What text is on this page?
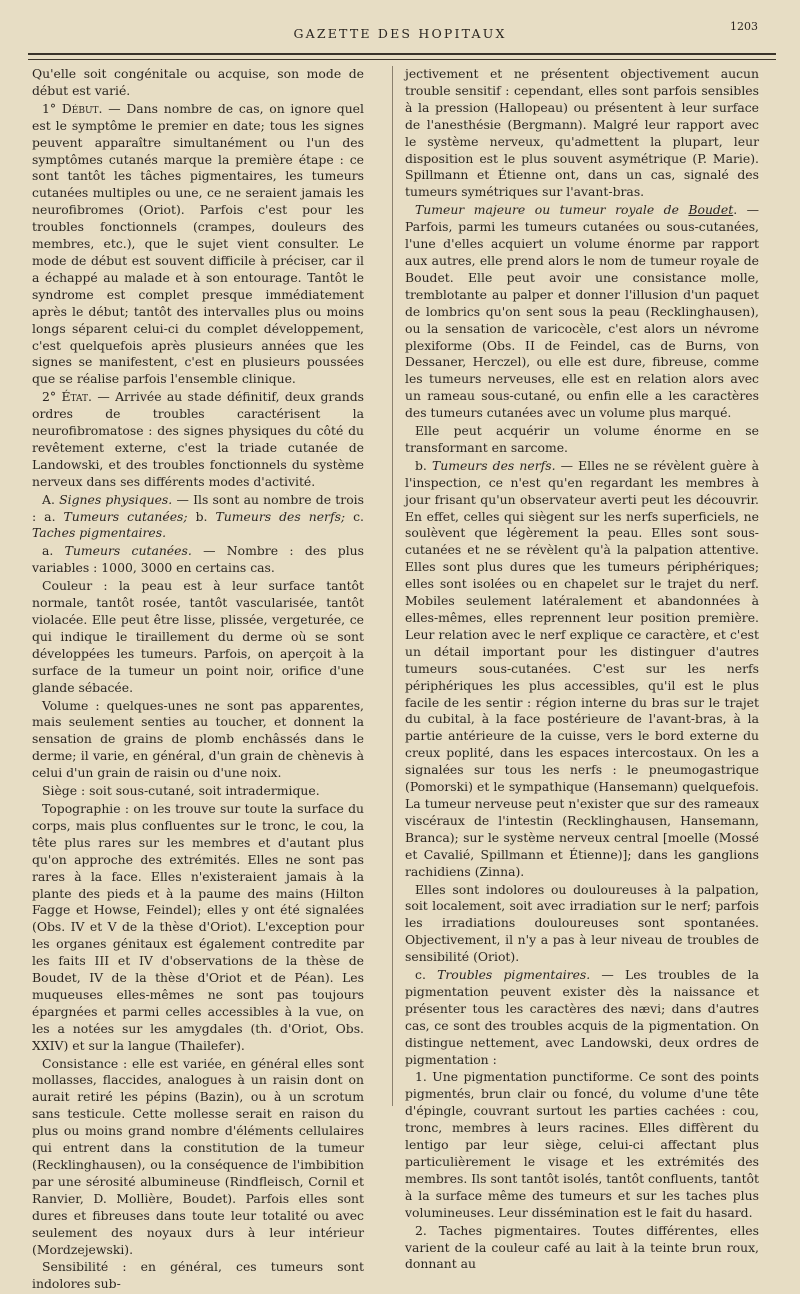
GAZETTE DES HOPITAUX	1203

Qu'elle soit congénitale ou acquise, son mode de début est varié.

1° Début. — Dans nombre de cas, on ignore quel est le symptôme le premier en date; tous les signes peuvent apparaître simultanément ou l'un des symptômes cutanés marque la première étape : ce sont tantôt les tâches pigmentaires, les tumeurs cutanées multiples ou une, ce ne seraient jamais les neurofibromes (Oriot). Parfois c'est pour les troubles fonctionnels (crampes, douleurs des membres, etc.), que le sujet vient consulter. Le mode de début est souvent difficile à préciser, car il a échappé au malade et à son entourage. Tantôt le syndrome est complet presque immédiatement après le début; tantôt des intervalles plus ou moins longs séparent celui-ci du complet développement, c'est quelquefois après plusieurs années que les signes se manifestent, c'est en plusieurs poussées que se réalise parfois l'ensemble clinique.

2° État. — Arrivée au stade définitif, deux grands ordres de troubles caractérisent la neurofibromatose : des signes physiques du côté du revêtement externe, c'est la triade cutanée de Landowski, et des troubles fonctionnels du système nerveux dans ses différents modes d'activité.

A. Signes physiques. — Ils sont au nombre de trois : a. Tumeurs cutanées; b. Tumeurs des nerfs; c. Taches pigmentaires.

a. Tumeurs cutanées. — Nombre : des plus variables : 1000, 3000 en certains cas.

Couleur : la peau est à leur surface tantôt normale, tantôt rosée, tantôt vascularisée, tantôt violacée. Elle peut être lisse, plissée, vergeturée, ce qui indique le tiraillement du derme où se sont développées les tumeurs. Parfois, on aperçoit à la surface de la tumeur un point noir, orifice d'une glande sébacée.

Volume : quelques-unes ne sont pas apparentes, mais seulement senties au toucher, et donnent la sensation de grains de plomb enchâssés dans le derme; il varie, en général, d'un grain de chènevis à celui d'un grain de raisin ou d'une noix.

Siège : soit sous-cutané, soit intradermique.

Topographie : on les trouve sur toute la surface du corps, mais plus confluentes sur le tronc, le cou, la tête plus rares sur les membres et d'autant plus qu'on approche des extrémités. Elles ne sont pas rares à la face. Elles n'existeraient jamais à la plante des pieds et à la paume des mains (Hilton Fagge et Howse, Feindel); elles y ont été signalées (Obs. IV et V de la thèse d'Oriot). L'exception pour les organes génitaux est également contredite par les faits III et IV d'observations de la thèse de Boudet, IV de la thèse d'Oriot et de Péan). Les muqueuses elles-mêmes ne sont pas toujours épargnées et parmi celles accessibles à la vue, on les a notées sur les amygdales (th. d'Oriot, Obs. XXIV) et sur la langue (Thailefer).

Consistance : elle est variée, en général elles sont mollasses, flaccides, analogues à un raisin dont on aurait retiré les pépins (Bazin), ou à un scrotum sans testicule. Cette mollesse serait en raison du plus ou moins grand nombre d'éléments cellulaires qui entrent dans la constitution de la tumeur (Recklinghausen), ou la conséquence de l'imbibition par une sérosité albumineuse (Rindfleisch, Cornil et Ranvier, D. Mollière, Boudet). Parfois elles sont dures et fibreuses dans toute leur totalité ou avec seulement des noyaux durs à leur intérieur (Mordzejewski).

Sensibilité : en général, ces tumeurs sont indolores sub-

jectivement et ne présentent objectivement aucun trouble sensitif : cependant, elles sont parfois sensibles à la pression (Hallopeau) ou présentent à leur surface de l'anesthésie (Bergmann). Malgré leur rapport avec le système nerveux, qu'admettent la plupart, leur disposition est le plus souvent asymétrique (P. Marie). Spillmann et Étienne ont, dans un cas, signalé des tumeurs symétriques sur l'avant-bras.

Tumeur majeure ou tumeur royale de Boudet. — Parfois, parmi les tumeurs cutanées ou sous-cutanées, l'une d'elles acquiert un volume énorme par rapport aux autres, elle prend alors le nom de tumeur royale de Boudet. Elle peut avoir une consistance molle, tremblotante au palper et donner l'illusion d'un paquet de lombrics qu'on sent sous la peau (Recklinghausen), ou la sensation de varicocèle, c'est alors un névrome plexiforme (Obs. II de Feindel, cas de Burns, von Dessaner, Herczel), ou elle est dure, fibreuse, comme les tumeurs nerveuses, elle est en relation alors avec un rameau sous-cutané, ou enfin elle a les caractères des tumeurs cutanées avec un volume plus marqué.

Elle peut acquérir un volume énorme en se transformant en sarcome.

b. Tumeurs des nerfs. — Elles ne se révèlent guère à l'inspection, ce n'est qu'en regardant les membres à jour frisant qu'un observateur averti peut les découvrir. En effet, celles qui siègent sur les nerfs superficiels, ne soulèvent que légèrement la peau. Elles sont sous-cutanées et ne se révèlent qu'à la palpation attentive. Elles sont plus dures que les tumeurs périphériques; elles sont isolées ou en chapelet sur le trajet du nerf. Mobiles seulement latéralement et abandonnées à elles-mêmes, elles reprennent leur position première. Leur relation avec le nerf explique ce caractère, et c'est un détail important pour les distinguer d'autres tumeurs sous-cutanées. C'est sur les nerfs périphériques les plus accessibles, qu'il est le plus facile de les sentir : région interne du bras sur le trajet du cubital, à la face postérieure de l'avant-bras, à la partie antérieure de la cuisse, vers le bord externe du creux poplité, dans les espaces intercostaux. On les a signalées sur tous les nerfs : le pneumogastrique (Pomorski) et le sympathique (Hansemann) quelquefois. La tumeur nerveuse peut n'exister que sur des rameaux viscéraux de l'intestin (Recklinghausen, Hansemann, Branca); sur le système nerveux central [moelle (Mossé et Cavalié, Spillmann et Étienne)]; dans les ganglions rachidiens (Zinna).

Elles sont indolores ou douloureuses à la palpation, soit localement, soit avec irradiation sur le nerf; parfois les irradiations douloureuses sont spontanées. Objectivement, il n'y a pas à leur niveau de troubles de sensibilité (Oriot).

c. Troubles pigmentaires. — Les troubles de la pigmentation peuvent exister dès la naissance et présenter tous les caractères des nævi; dans d'autres cas, ce sont des troubles acquis de la pigmentation. On distingue nettement, avec Landowski, deux ordres de pigmentation :

1. Une pigmentation punctiforme. Ce sont des points pigmentés, brun clair ou foncé, du volume d'une tête d'épingle, couvrant surtout les parties cachées : cou, tronc, membres à leurs racines. Elles diffèrent du lentigo par leur siège, celui-ci affectant plus particulièrement le visage et les extrémités des membres. Ils sont tantôt isolés, tantôt confluents, tantôt à la surface même des tumeurs et sur les taches plus volumineuses. Leur dissémination est le fait du hasard.

2. Taches pigmentaires. Toutes différentes, elles varient de la couleur café au lait à la teinte brun roux, donnant au
